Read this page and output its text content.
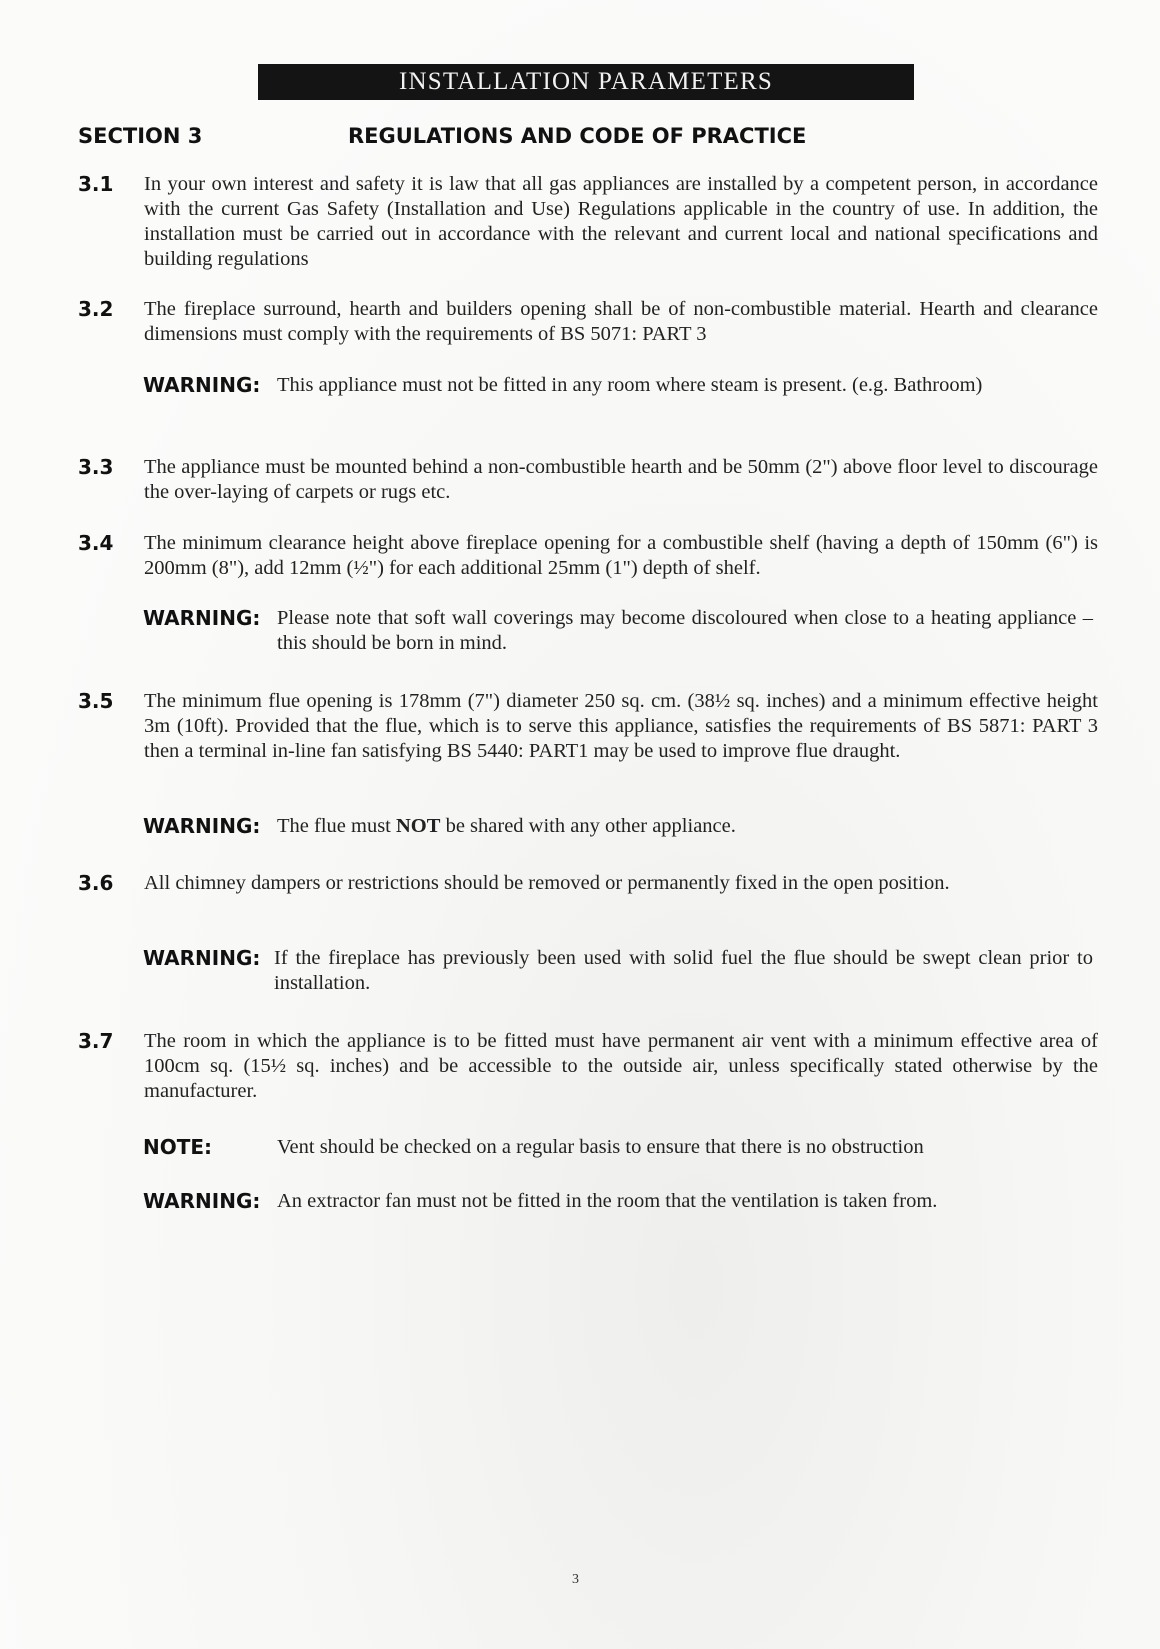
INSTALLATION PARAMETERS
SECTION 3	REGULATIONS AND CODE OF PRACTICE
3.1 In your own interest and safety it is law that all gas appliances are installed by a competent person, in accordance with the current Gas Safety (Installation and Use) Regulations applicable in the country of use. In addition, the installation must be carried out in accordance with the relevant and current local and national specifications and building regulations
3.2 The fireplace surround, hearth and builders opening shall be of non-combustible material. Hearth and clearance dimensions must comply with the requirements of BS 5071: PART 3
WARNING: This appliance must not be fitted in any room where steam is present. (e.g. Bathroom)
3.3 The appliance must be mounted behind a non-combustible hearth and be 50mm (2") above floor level to discourage the over-laying of carpets or rugs etc.
3.4 The minimum clearance height above fireplace opening for a combustible shelf (having a depth of 150mm (6") is 200mm (8"), add 12mm (½") for each additional 25mm (1") depth of shelf.
WARNING: Please note that soft wall coverings may become discoloured when close to a heating appliance – this should be born in mind.
3.5 The minimum flue opening is 178mm (7") diameter 250 sq. cm. (38½ sq. inches) and a minimum effective height 3m (10ft). Provided that the flue, which is to serve this appliance, satisfies the requirements of BS 5871: PART 3 then a terminal in-line fan satisfying BS 5440: PART1 may be used to improve flue draught.
WARNING: The flue must NOT be shared with any other appliance.
3.6 All chimney dampers or restrictions should be removed or permanently fixed in the open position.
WARNING: If the fireplace has previously been used with solid fuel the flue should be swept clean prior to installation.
3.7 The room in which the appliance is to be fitted must have permanent air vent with a minimum effective area of 100cm sq. (15½ sq. inches) and be accessible to the outside air, unless specifically stated otherwise by the manufacturer.
NOTE:	Vent should be checked on a regular basis to ensure that there is no obstruction
WARNING: An extractor fan must not be fitted in the room that the ventilation is taken from.
3
